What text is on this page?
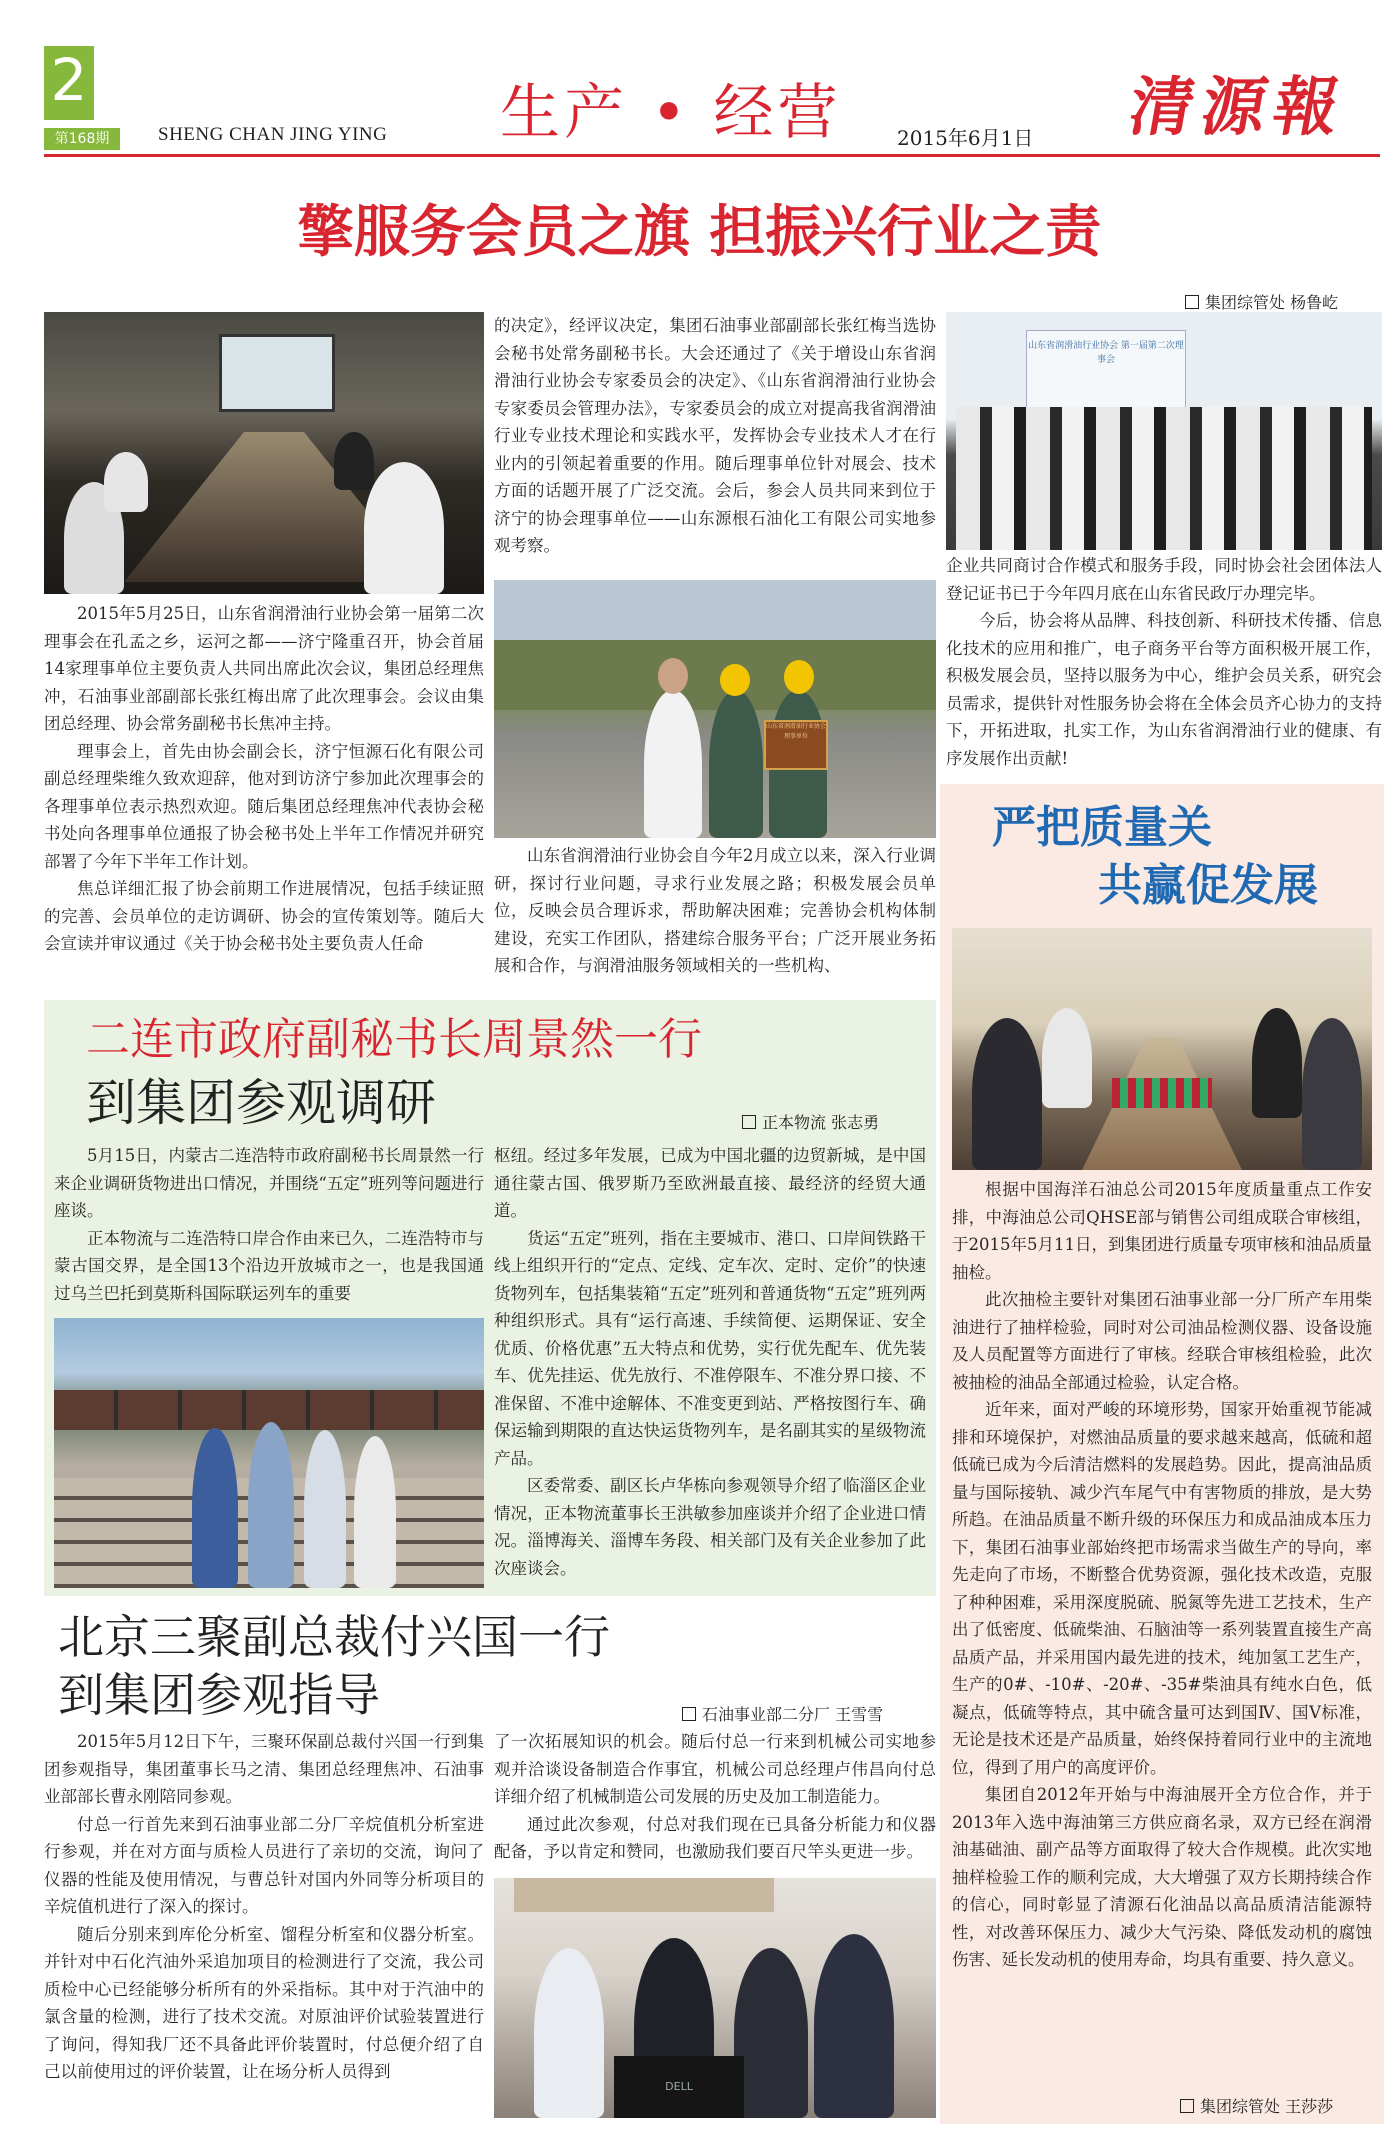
2
第168期	SHENG CHAN JING YING 生产 • 经营	2015年6月1日 清源報
擎服务会员之旗 担振兴行业之责
集团综管处 杨鲁屹

2015年5月25日，山东省润滑油行业协会第一届第二次理事会在孔孟之乡，运河之都——济宁隆重召开，协会首届14家理事单位主要负责人共同出席此次会议，集团总经理焦冲，石油事业部副部长张红梅出席了此次理事会。会议由集团总经理、协会常务副秘书长焦冲主持。

理事会上，首先由协会副会长，济宁恒源石化有限公司副总经理柴维久致欢迎辞，他对到访济宁参加此次理事会的各理事单位表示热烈欢迎。随后集团总经理焦冲代表协会秘书处向各理事单位通报了协会秘书处上半年工作情况并研究部署了今年下半年工作计划。

焦总详细汇报了协会前期工作进展情况，包括手续证照的完善、会员单位的走访调研、协会的宣传策划等。随后大会宣读并审议通过《关于协会秘书处主要负责人任命

的决定》，经评议决定，集团石油事业部副部长张红梅当选协会秘书处常务副秘书长。大会还通过了《关于增设山东省润滑油行业协会专家委员会的决定》、《山东省润滑油行业协会专家委员会管理办法》，专家委员会的成立对提高我省润滑油行业专业技术理论和实践水平，发挥协会专业技术人才在行业内的引领起着重要的作用。随后理事单位针对展会、技术方面的话题开展了广泛交流。会后，参会人员共同来到位于济宁的协会理事单位——山东源根石油化工有限公司实地参观考察。

山东省润滑油行业协会 理事单位

山东省润滑油行业协会自今年2月成立以来，深入行业调研，探讨行业问题，寻求行业发展之路；积极发展会员单位，反映会员合理诉求，帮助解决困难；完善协会机构体制建设，充实工作团队，搭建综合服务平台；广泛开展业务拓展和合作，与润滑油服务领域相关的一些机构、

山东省润滑油行业协会 第一届第二次理事会

企业共同商讨合作模式和服务手段，同时协会社会团体法人登记证书已于今年四月底在山东省民政厅办理完毕。

今后，协会将从品牌、科技创新、科研技术传播、信息化技术的应用和推广，电子商务平台等方面积极开展工作，积极发展会员，坚持以服务为中心，维护会员关系，研究会员需求，提供针对性服务协会将在全体会员齐心协力的支持下，开拓进取，扎实工作，为山东省润滑油行业的健康、有序发展作出贡献!

二连市政府副秘书长周景然一行
到集团参观调研	正本物流 张志勇

5月15日，内蒙古二连浩特市政府副秘书长周景然一行来企业调研货物进出口情况，并围绕“五定”班列等问题进行座谈。

正本物流与二连浩特口岸合作由来已久，二连浩特市与蒙古国交界，是全国13个沿边开放城市之一，也是我国通过乌兰巴托到莫斯科国际联运列车的重要

枢纽。经过多年发展，已成为中国北疆的边贸新城，是中国通往蒙古国、俄罗斯乃至欧洲最直接、最经济的经贸大通道。

货运“五定”班列，指在主要城市、港口、口岸间铁路干线上组织开行的“定点、定线、定车次、定时、定价”的快速货物列车，包括集装箱“五定”班列和普通货物“五定”班列两种组织形式。具有“运行高速、手续简便、运期保证、安全优质、价格优惠”五大特点和优势，实行优先配车、优先装车、优先挂运、优先放行、不准停限车、不准分界口接、不准保留、不准中途解体、不准变更到站、严格按图行车、确保运输到期限的直达快运货物列车，是名副其实的星级物流产品。

区委常委、副区长卢华栋向参观领导介绍了临淄区企业情况，正本物流董事长王洪敏参加座谈并介绍了企业进口情况。淄博海关、淄博车务段、相关部门及有关企业参加了此次座谈会。

北京三聚副总裁付兴国一行
到集团参观指导	石油事业部二分厂 王雪雪

2015年5月12日下午，三聚环保副总裁付兴国一行到集团参观指导，集团董事长马之清、集团总经理焦冲、石油事业部部长曹永刚陪同参观。

付总一行首先来到石油事业部二分厂辛烷值机分析室进行参观，并在对方面与质检人员进行了亲切的交流，询问了仪器的性能及使用情况，与曹总针对国内外同等分析项目的辛烷值机进行了深入的探讨。

随后分别来到库伦分析室、馏程分析室和仪器分析室。并针对中石化汽油外采追加项目的检测进行了交流，我公司质检中心已经能够分析所有的外采指标。其中对于汽油中的氯含量的检测，进行了技术交流。对原油评价试验装置进行了询问，得知我厂还不具备此评价装置时，付总便介绍了自己以前使用过的评价装置，让在场分析人员得到

了一次拓展知识的机会。随后付总一行来到机械公司实地参观并洽谈设备制造合作事宜，机械公司总经理卢伟昌向付总详细介绍了机械制造公司发展的历史及加工制造能力。

通过此次参观，付总对我们现在已具备分析能力和仪器配备，予以肯定和赞同，也激励我们要百尺竿头更进一步。

DELL
严把质量关
共赢促发展

根据中国海洋石油总公司2015年度质量重点工作安排，中海油总公司QHSE部与销售公司组成联合审核组，于2015年5月11日，到集团进行质量专项审核和油品质量抽检。

此次抽检主要针对集团石油事业部一分厂所产车用柴油进行了抽样检验，同时对公司油品检测仪器、设备设施及人员配置等方面进行了审核。经联合审核组检验，此次被抽检的油品全部通过检验，认定合格。

近年来，面对严峻的环境形势，国家开始重视节能减排和环境保护，对燃油品质量的要求越来越高，低硫和超低硫已成为今后清洁燃料的发展趋势。因此，提高油品质量与国际接轨、减少汽车尾气中有害物质的排放，是大势所趋。在油品质量不断升级的环保压力和成品油成本压力下，集团石油事业部始终把市场需求当做生产的导向，率先走向了市场，不断整合优势资源，强化技术改造，克服了种种困难，采用深度脱硫、脱氮等先进工艺技术，生产出了低密度、低硫柴油、石脑油等一系列装置直接生产高品质产品，并采用国内最先进的技术，纯加氢工艺生产，生产的0#、-10#、-20#、-35#柴油具有纯水白色，低凝点，低硫等特点，其中硫含量可达到国Ⅳ、国Ⅴ标准，无论是技术还是产品质量，始终保持着同行业中的主流地位，得到了用户的高度评价。

集团自2012年开始与中海油展开全方位合作，并于2013年入选中海油第三方供应商名录，双方已经在润滑油基础油、副产品等方面取得了较大合作规模。此次实地抽样检验工作的顺利完成，大大增强了双方长期持续合作的信心，同时彰显了清源石化油品以高品质清洁能源特性，对改善环保压力、减少大气污染、降低发动机的腐蚀伤害、延长发动机的使用寿命，均具有重要、持久意义。

集团综管处 王莎莎
